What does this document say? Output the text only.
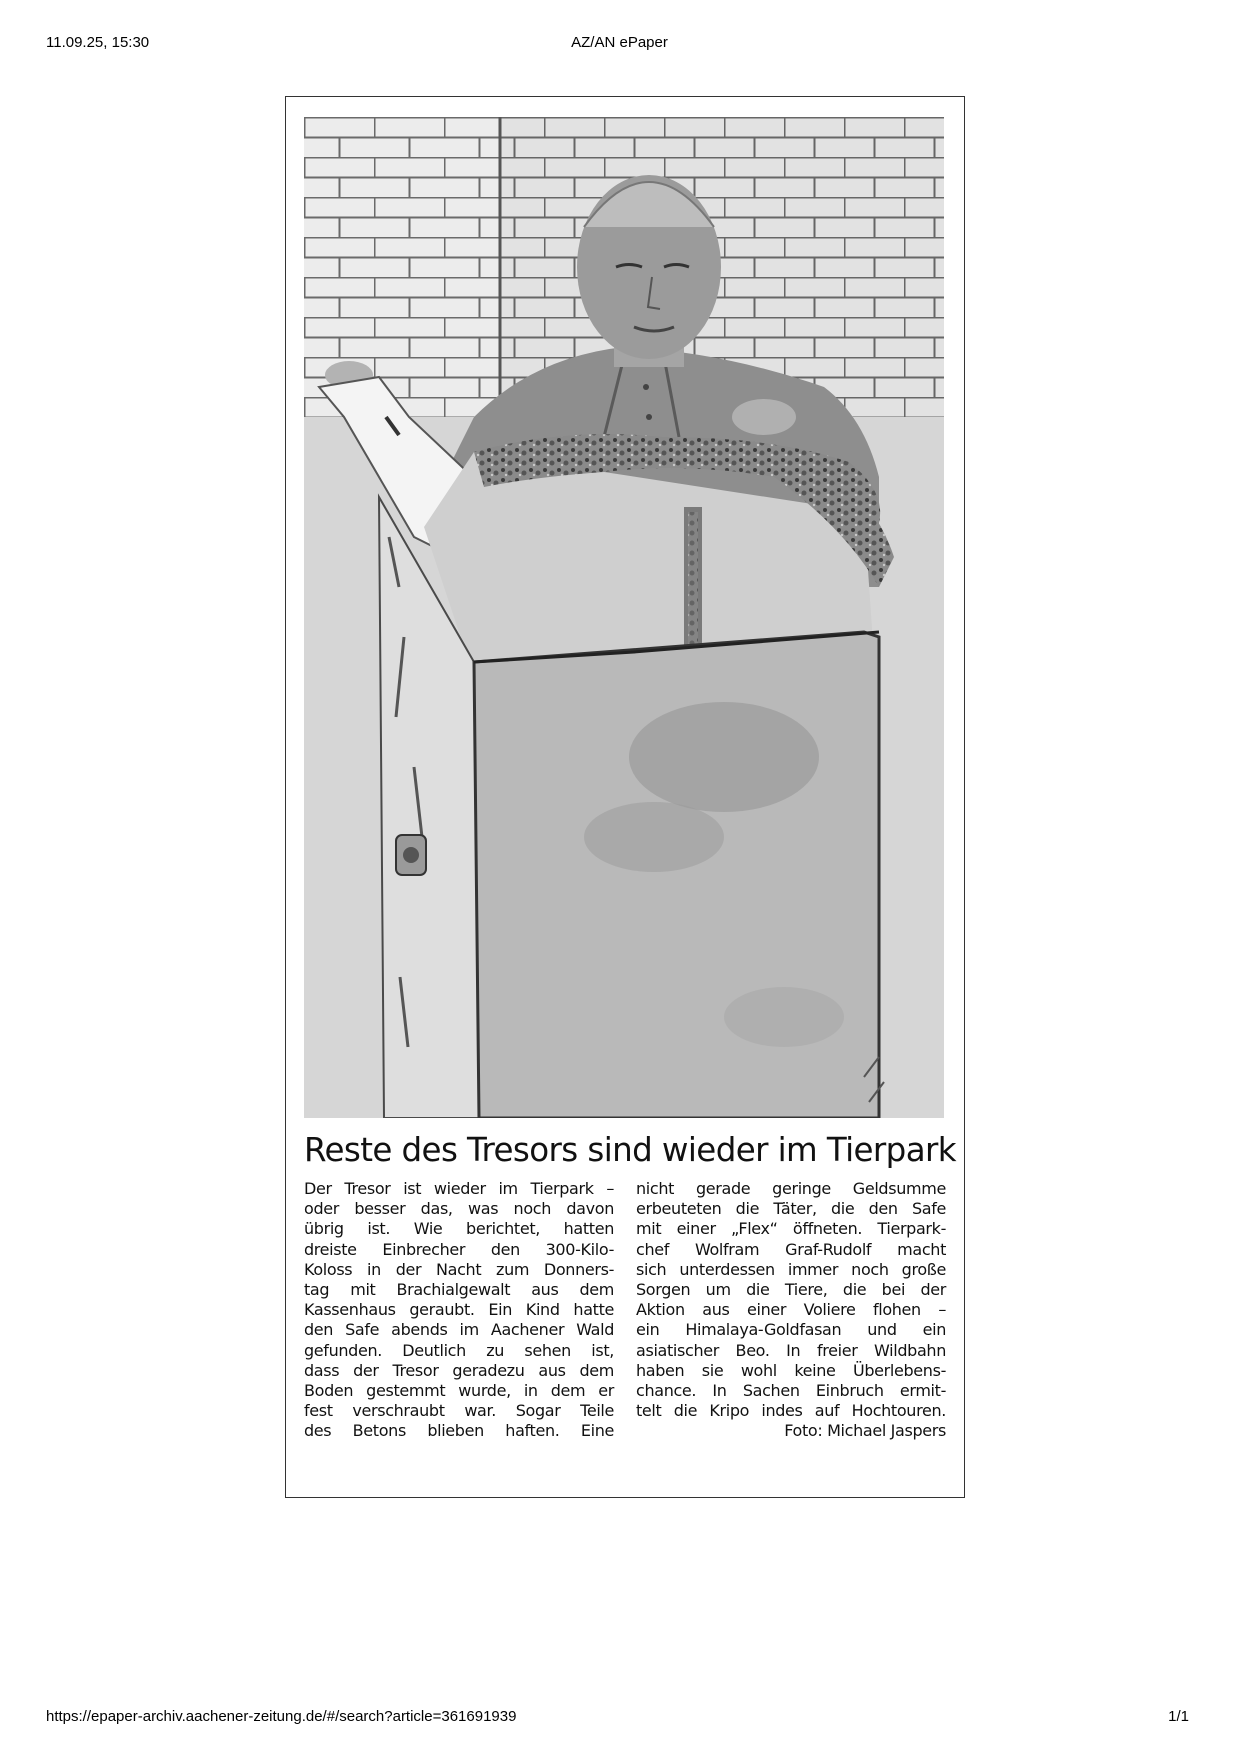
11.09.25, 15:30	AZ/AN ePaper
Reste des Tresors sind wieder im Tierpark
Der Tresor ist wieder im Tierpark –
oder besser das, was noch davon
übrig ist. Wie berichtet, hatten
dreiste Einbrecher den 300-Kilo-
Koloss in der Nacht zum Donners-
tag mit Brachialgewalt aus dem
Kassenhaus geraubt. Ein Kind hatte
den Safe abends im Aachener Wald
gefunden. Deutlich zu sehen ist,
dass der Tresor geradezu aus dem
Boden gestemmt wurde, in dem er
fest verschraubt war. Sogar Teile
des Betons blieben haften. Eine
nicht gerade geringe Geldsumme
erbeuteten die Täter, die den Safe
mit einer „Flex“ öffneten. Tierpark-
chef Wolfram Graf-Rudolf macht
sich unterdessen immer noch große
Sorgen um die Tiere, die bei der
Aktion aus einer Voliere flohen –
ein Himalaya-Goldfasan und ein
asiatischer Beo. In freier Wildbahn
haben sie wohl keine Überlebens-
chance. In Sachen Einbruch ermit-
telt die Kripo indes auf Hochtouren.
Foto: Michael Jaspers
https://epaper-archiv.aachener-zeitung.de/#/search?article=361691939	1/1
